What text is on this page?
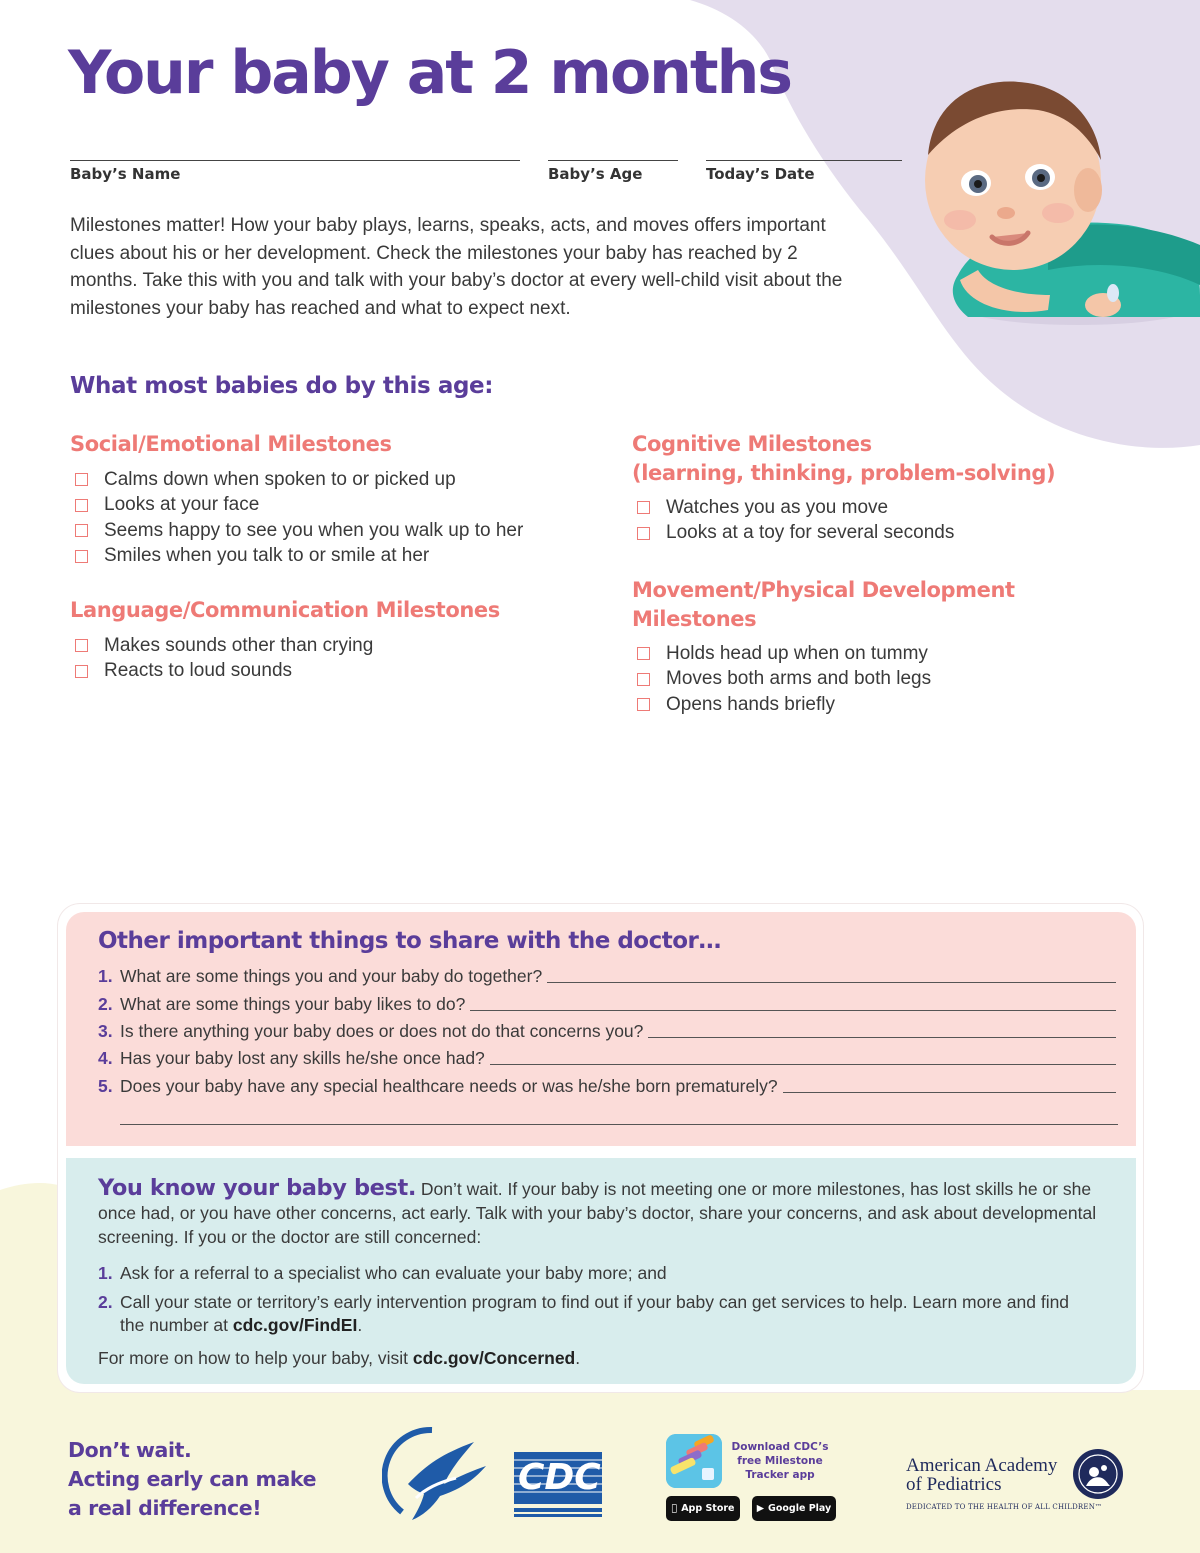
Your baby at 2 months
Baby’s Name	Baby’s Age	Today’s Date

Milestones matter! How your baby plays, learns, speaks, acts, and moves offers important clues about his or her development. Check the milestones your baby has reached by 2 months. Take this with you and talk with your baby’s doctor at every well-child visit about the milestones your baby has reached and what to expect next.

What most babies do by this age:
Social/Emotional Milestones
Calms down when spoken to or picked up
Looks at your face
Seems happy to see you when you walk up to her
Smiles when you talk to or smile at her
Language/Communication Milestones
Makes sounds other than crying
Reacts to loud sounds
Cognitive Milestones
(learning, thinking, problem-solving)
Watches you as you move
Looks at a toy for several seconds
Movement/Physical Development
Milestones
Holds head up when on tummy
Moves both arms and both legs
Opens hands briefly
Other important things to share with the doctor…
1. What are some things you and your baby do together?
2. What are some things your baby likes to do?
3. Is there anything your baby does or does not do that concerns you?
4. Has your baby lost any skills he/she once had?
5. Does your baby have any special healthcare needs or was he/she born prematurely?

You know your baby best. Don’t wait. If your baby is not meeting one or more milestones, has lost skills he or she once had, or you have other concerns, act early. Talk with your baby’s doctor, share your concerns, and ask about developmental screening. If you or the doctor are still concerned:

1. Ask for a referral to a specialist who can evaluate your baby more; and
2. Call your state or territory’s early intervention program to find out if your baby can get services to help. Learn more and find the number at cdc.gov/FindEI.

For more on how to help your baby, visit cdc.gov/Concerned.

Don’t wait.
Acting early can make
a real difference!
CDC
Download CDC’s free Milestone Tracker app
App Store	▶ Google Play
American Academy
of Pediatrics
DEDICATED TO THE HEALTH OF ALL CHILDREN™
